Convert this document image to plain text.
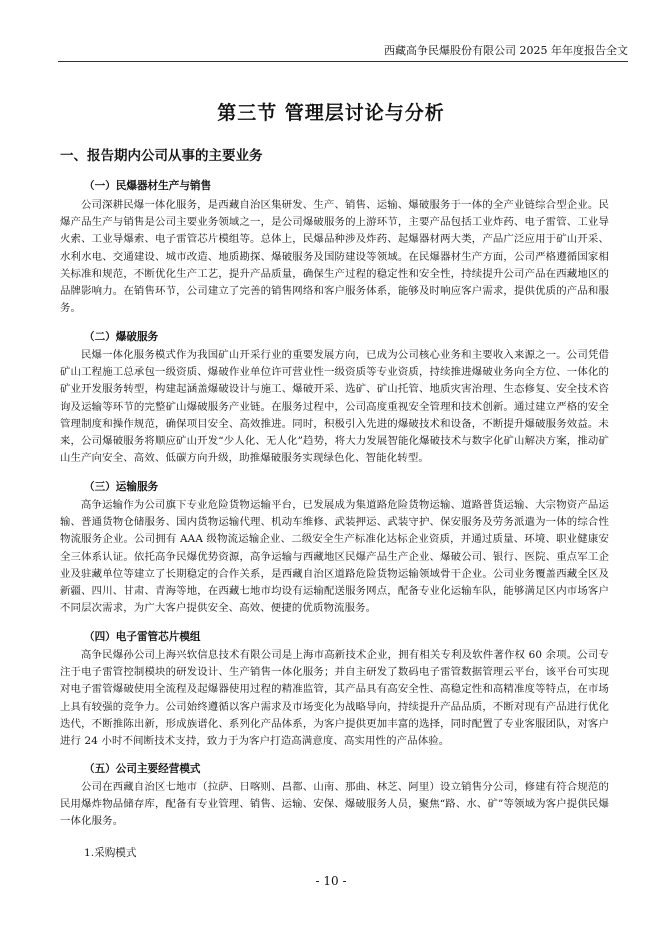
西藏高争民爆股份有限公司 2025 年年度报告全文
第三节 管理层讨论与分析
一、报告期内公司从事的主要业务
（一）民爆器材生产与销售

公司深耕民爆一体化服务，是西藏自治区集研发、生产、销售、运输、爆破服务于一体的全产业链综合型企业。民爆产品生产与销售是公司主要业务领域之一，是公司爆破服务的上游环节，主要产品包括工业炸药、电子雷管、工业导火索、工业导爆索、电子雷管芯片模组等。总体上，民爆品种涉及炸药、起爆器材两大类，产品广泛应用于矿山开采、水利水电、交通建设、城市改造、地质勘探、爆破服务及国防建设等领域。在民爆器材生产方面，公司严格遵循国家相关标准和规范，不断优化生产工艺，提升产品质量，确保生产过程的稳定性和安全性，持续提升公司产品在西藏地区的品牌影响力。在销售环节，公司建立了完善的销售网络和客户服务体系，能够及时响应客户需求，提供优质的产品和服务。

（二）爆破服务

民爆一体化服务模式作为我国矿山开采行业的重要发展方向，已成为公司核心业务和主要收入来源之一。公司凭借矿山工程施工总承包一级资质、爆破作业单位许可营业性一级资质等专业资质，持续推进爆破业务向全方位、一体化的矿业开发服务转型，构建起涵盖爆破设计与施工、爆破开采、选矿、矿山托管、地质灾害治理、生态修复、安全技术咨询及运输等环节的完整矿山爆破服务产业链。在服务过程中，公司高度重视安全管理和技术创新。通过建立严格的安全管理制度和操作规范，确保项目安全、高效推进。同时，积极引入先进的爆破技术和设备，不断提升爆破服务效益。未来，公司爆破服务将顺应矿山开发“少人化、无人化”趋势，将大力发展智能化爆破技术与数字化矿山解决方案，推动矿山生产向安全、高效、低碳方向升级，助推爆破服务实现绿色化、智能化转型。

（三）运输服务

高争运输作为公司旗下专业危险货物运输平台，已发展成为集道路危险货物运输、道路普货运输、大宗物资产品运输、普通货物仓储服务、国内货物运输代理、机动车维修、武装押运、武装守护、保安服务及劳务派遣为一体的综合性物流服务企业。公司拥有 AAA 级物流运输企业、二级安全生产标准化达标企业资质，并通过质量、环境、职业健康安全三体系认证。依托高争民爆优势资源，高争运输与西藏地区民爆产品生产企业、爆破公司、银行、医院、重点军工企业及驻藏单位等建立了长期稳定的合作关系，是西藏自治区道路危险货物运输领域骨干企业。公司业务覆盖西藏全区及新疆、四川、甘肃、青海等地，在西藏七地市均设有运输配送服务网点，配备专业化运输车队，能够满足区内市场客户不同层次需求，为广大客户提供安全、高效、便捷的优质物流服务。

（四）电子雷管芯片模组

高争民爆孙公司上海兴软信息技术有限公司是上海市高新技术企业，拥有相关专利及软件著作权 60 余项。公司专注于电子雷管控制模块的研发设计、生产销售一体化服务；并自主研发了数码电子雷管数据管理云平台，该平台可实现对电子雷管爆破使用全流程及起爆器使用过程的精准监管，其产品具有高安全性、高稳定性和高精准度等特点，在市场上具有较强的竞争力。公司始终遵循以客户需求及市场变化为战略导向，持续提升产品品质，不断对现有产品进行优化迭代，不断推陈出新，形成族谱化、系列化产品体系，为客户提供更加丰富的选择，同时配置了专业客服团队，对客户进行 24 小时不间断技术支持，致力于为客户打造高满意度、高实用性的产品体验。

（五）公司主要经营模式

公司在西藏自治区七地市（拉萨、日喀则、昌都、山南、那曲、林芝、阿里）设立销售分公司，修建有符合规范的民用爆炸物品储存库，配备有专业管理、销售、运输、安保、爆破服务人员，聚焦“路、水、矿”等领域为客户提供民爆一体化服务。

1.采购模式
- 10 -
